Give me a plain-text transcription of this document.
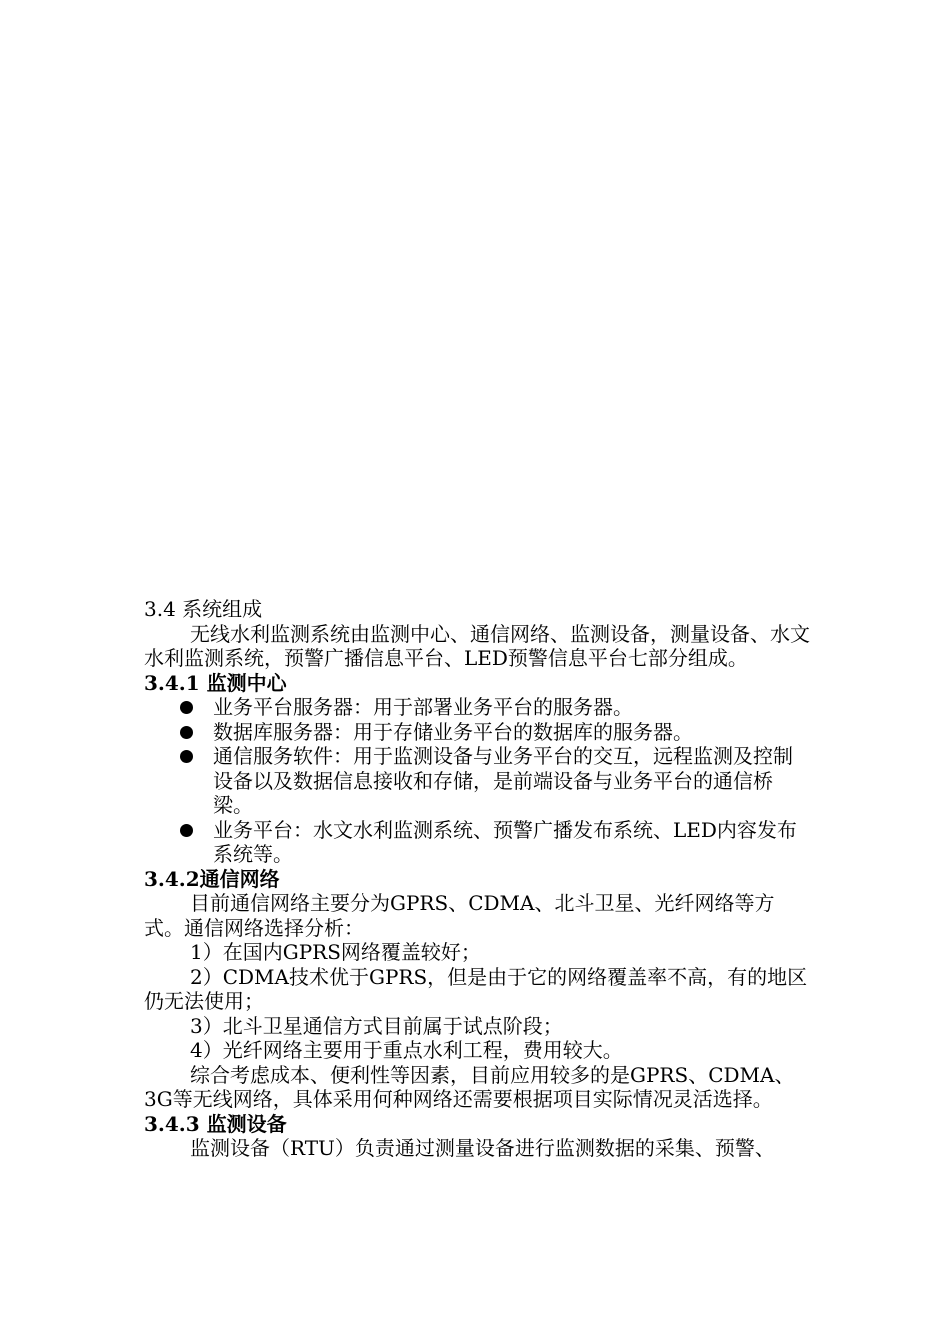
3.4 系统组成

无线水利监测系统由监测中心、通信网络、监测设备，测量设备、水文水利监测系统，预警广播信息平台、LED预警信息平台七部分组成。

3.4.1 监测中心

业务平台服务器：用于部署业务平台的服务器。
数据库服务器：用于存储业务平台的数据库的服务器。
通信服务软件：用于监测设备与业务平台的交互，远程监测及控制设备以及数据信息接收和存储，是前端设备与业务平台的通信桥梁。
业务平台：水文水利监测系统、预警广播发布系统、LED内容发布系统等。

3.4.2通信网络

目前通信网络主要分为GPRS、CDMA、北斗卫星、光纤网络等方式。通信网络选择分析：

1）在国内GPRS网络覆盖较好；

2）CDMA技术优于GPRS，但是由于它的网络覆盖率不高，有的地区仍无法使用；

3）北斗卫星通信方式目前属于试点阶段；

4）光纤网络主要用于重点水利工程，费用较大。

综合考虑成本、便利性等因素，目前应用较多的是GPRS、CDMA、3G等无线网络，具体采用何种网络还需要根据项目实际情况灵活选择。

3.4.3 监测设备

监测设备（RTU）负责通过测量设备进行监测数据的采集、预警、
